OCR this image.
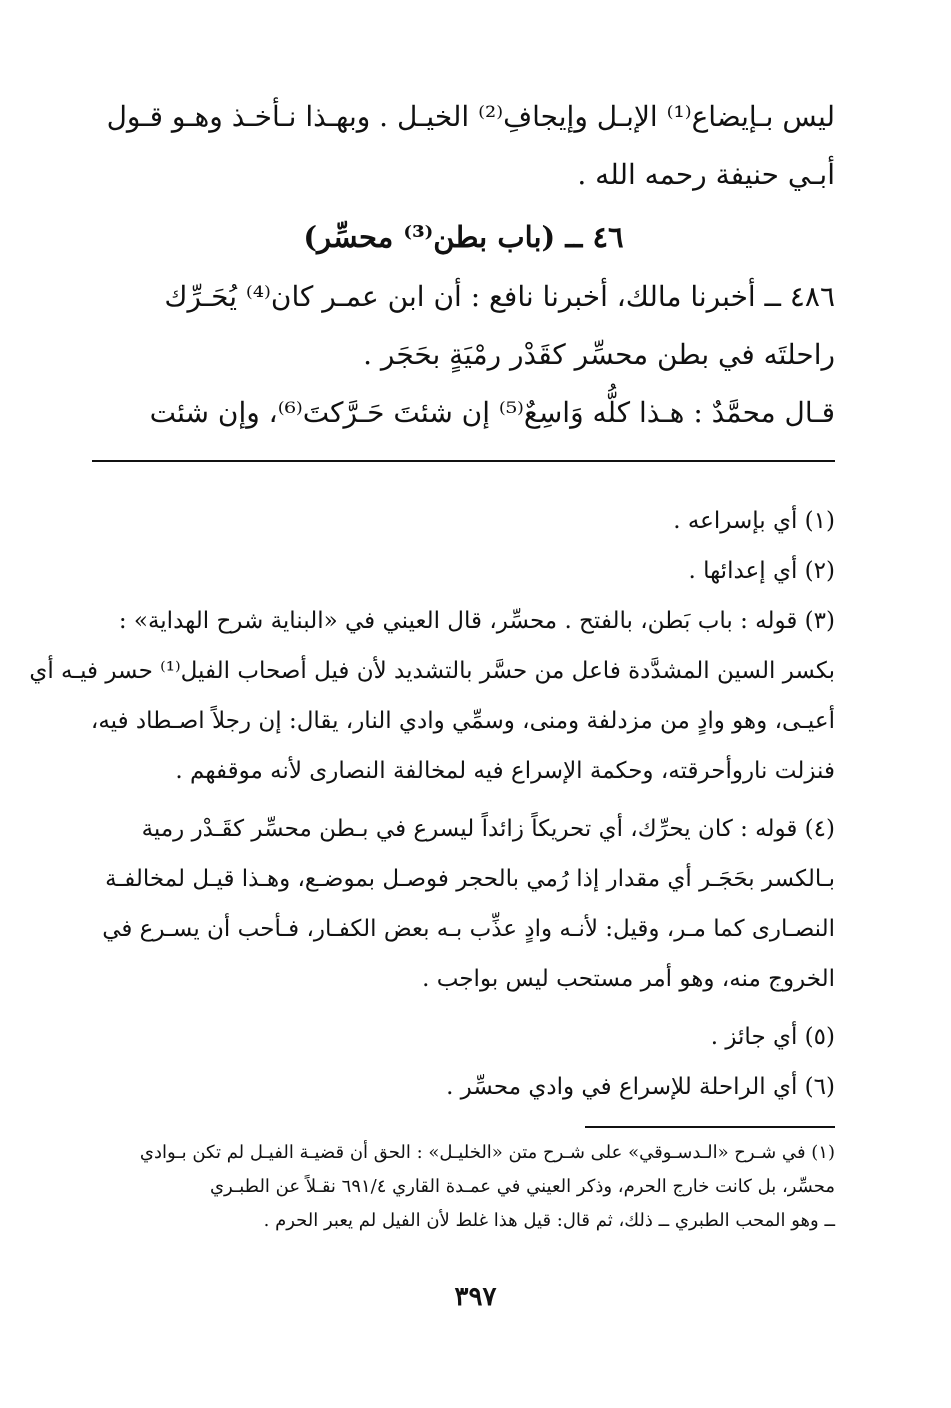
ليس بـإيضاع⁽¹⁾ الإبـل وإيجافِ⁽²⁾ الخيـل . وبهـذا نـأخـذ وهـو قـول
أبـي حنيفة رحمه الله .
٤٦ ــ (باب بطن⁽³⁾ محسِّر)
٤٨٦ ــ أخبرنا مالك، أخبرنا نافع : أن ابن عمـر كان⁽⁴⁾ يُحَـرِّك
راحلتَه في بطن محسِّر كقَدْر رمْيَةٍ بحَجَر .
قـال محمَّدٌ : هـذا كلُّه وَاسِعٌ⁽⁵⁾ إن شئتَ حَـرَّكتَ⁽⁶⁾، وإن شئت
(١) أي بإسراعه .
(٢) أي إعدائها .
(٣) قوله : باب بَطن، بالفتح . محسِّر، قال العيني في «البناية شرح الهداية» :
بكسر السين المشدَّدة فاعل من حسَّر بالتشديد لأن فيل أصحاب الفيل⁽¹⁾ حسر فيـه أي
أعيـى، وهو وادٍ من مزدلفة ومنى، وسمِّي وادي النار، يقال: إن رجلاً اصـطاد فيه،
فنزلت ناروأحرقته، وحكمة الإسراع فيه لمخالفة النصارى لأنه موقفهم .
(٤) قوله : كان يحرِّك، أي تحريكاً زائداً ليسرع في بـطن محسِّر كقَـدْر رمية
بـالكسر بحَجَـر أي مقدار إذا رُمي بالحجر فوصـل بموضـع، وهـذا قيـل لمخالفـة
النصـارى كما مـر، وقيل: لأنـه وادٍ عذِّب بـه بعض الكفـار، فـأحب أن يسـرع في
الخروج منه، وهو أمر مستحب ليس بواجب .
(٥) أي جائز .
(٦) أي الراحلة للإسراع في وادي محسِّر .
(١) في شـرح «الـدسـوقي» على شـرح متن «الخليـل» : الحق أن قضيـة الفيـل لم تكن بـوادي
محسِّر، بل كانت خارج الحرم، وذكر العيني في عمـدة القاري ٦٩١/٤ نقـلاً عن الطبـري
ــ وهو المحب الطبري ــ ذلك، ثم قال: قيل هذا غلط لأن الفيل لم يعبر الحرم .
٣٩٧
